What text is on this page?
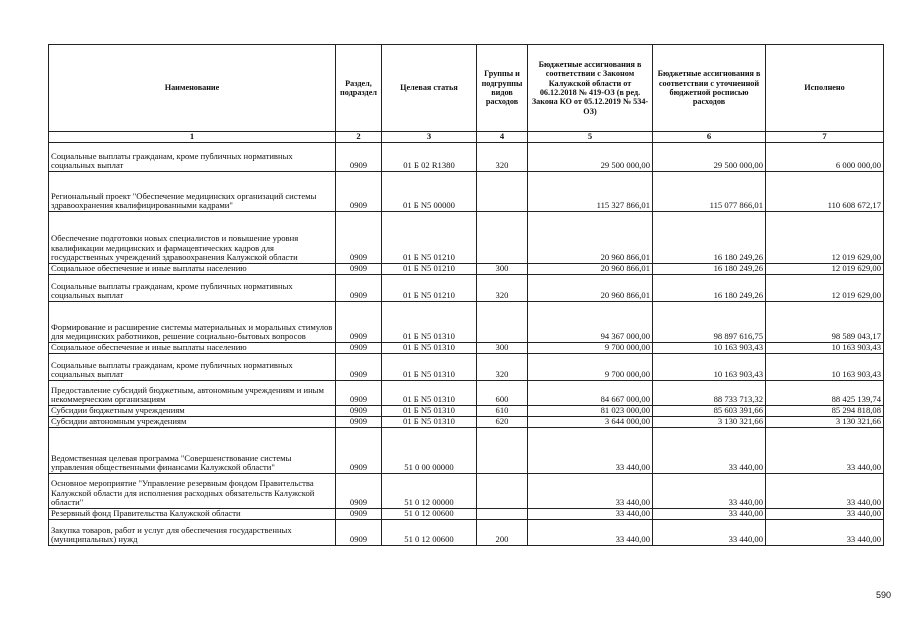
Наименование	Раздел, подраздел	Целевая статья	Группы и подгруппы видов расходов	Бюджетные ассигнования в соответствии с Законом Калужской области от 06.12.2018 № 419-ОЗ (в ред. Закона КО от 05.12.2019 № 534-ОЗ)	Бюджетные ассигнования в соответствии с уточненной бюджетной росписью расходов	Исполнено
1	2	3	4	5	6	7
Социальные выплаты гражданам, кроме публичных нормативных социальных выплат	0909	01 Б 02 R1380	320	29 500 000,00	29 500 000,00	6 000 000,00
Региональный проект "Обеспечение медицинских организаций системы здравоохранения квалифицированными кадрами"	0909	01 Б N5 00000		115 327 866,01	115 077 866,01	110 608 672,17
Обеспечение подготовки новых специалистов и повышение уровня квалификации медицинских и фармацевтических кадров для государственных учреждений здравоохранения Калужской области	0909	01 Б N5 01210		20 960 866,01	16 180 249,26	12 019 629,00
Социальное обеспечение и иные выплаты населению	0909	01 Б N5 01210	300	20 960 866,01	16 180 249,26	12 019 629,00
Социальные выплаты гражданам, кроме публичных нормативных социальных выплат	0909	01 Б N5 01210	320	20 960 866,01	16 180 249,26	12 019 629,00
Формирование и расширение системы материальных и моральных стимулов для медицинских работников, решение социально-бытовых вопросов	0909	01 Б N5 01310		94 367 000,00	98 897 616,75	98 589 043,17
Социальное обеспечение и иные выплаты населению	0909	01 Б N5 01310	300	9 700 000,00	10 163 903,43	10 163 903,43
Социальные выплаты гражданам, кроме публичных нормативных социальных выплат	0909	01 Б N5 01310	320	9 700 000,00	10 163 903,43	10 163 903,43
Предоставление субсидий бюджетным, автономным учреждениям и иным некоммерческим организациям	0909	01 Б N5 01310	600	84 667 000,00	88 733 713,32	88 425 139,74
Субсидии бюджетным учреждениям	0909	01 Б N5 01310	610	81 023 000,00	85 603 391,66	85 294 818,08
Субсидии автономным учреждениям	0909	01 Б N5 01310	620	3 644 000,00	3 130 321,66	3 130 321,66
Ведомственная целевая программа "Совершенствование системы управления общественными финансами Калужской области"	0909	51 0 00 00000		33 440,00	33 440,00	33 440,00
Основное мероприятие "Управление резервным фондом Правительства Калужской области для исполнения расходных обязательств Калужской области"	0909	51 0 12 00000		33 440,00	33 440,00	33 440,00
Резервный фонд Правительства Калужской области	0909	51 0 12 00600		33 440,00	33 440,00	33 440,00
Закупка товаров, работ и услуг для обеспечения государственных (муниципальных) нужд	0909	51 0 12 00600	200	33 440,00	33 440,00	33 440,00
590
